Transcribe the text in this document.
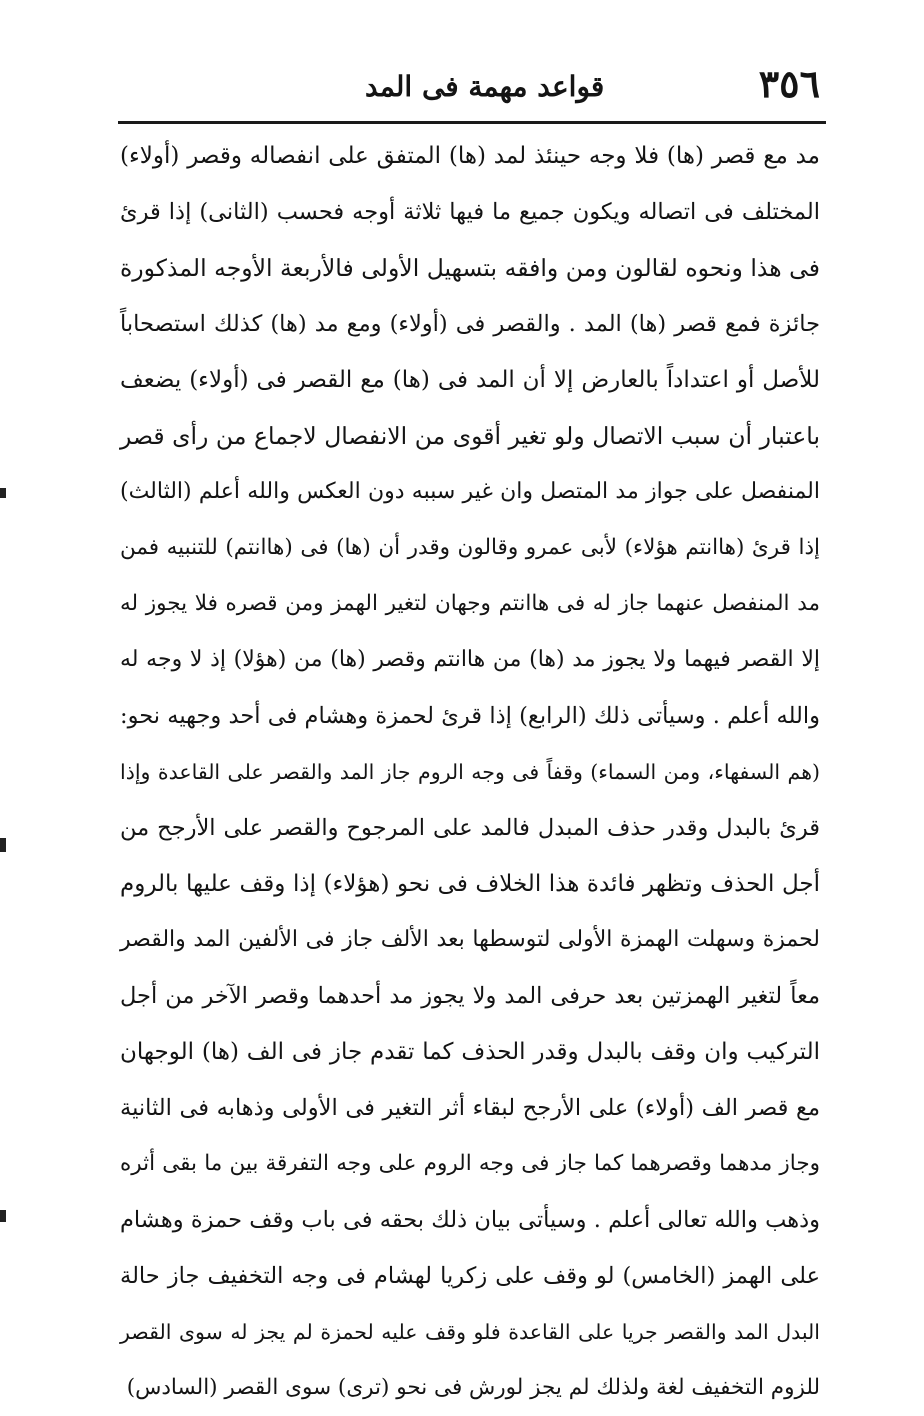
٣٥٦
قواعد مهمة فى المد
مد مع قصر (ها) فلا وجه حينئذ لمد (ها) المتفق على انفصاله وقصر (أولاء)
المختلف فى اتصاله ويكون جميع ما فيها ثلاثة أوجه فحسب (الثانى) إذا قرئ
فى هذا ونحوه لقالون ومن وافقه بتسهيل الأولى فالأربعة الأوجه المذكورة
جائزة فمع قصر (ها) المد . والقصر فى (أولاء) ومع مد (ها) كذلك استصحاباً
للأصل أو اعتداداً بالعارض إلا أن المد فى (ها) مع القصر فى (أولاء) يضعف
باعتبار أن سبب الاتصال ولو تغير أقوى من الانفصال لاجماع من رأى قصر
المنفصل على جواز مد المتصل وان غير سببه دون العكس والله أعلم (الثالث)
إذا قرئ (هاانتم هؤلاء) لأبى عمرو وقالون وقدر أن (ها) فى (هاانتم) للتنبيه فمن
مد المنفصل عنهما جاز له فى هاانتم وجهان لتغير الهمز ومن قصره فلا يجوز له
إلا القصر فيهما ولا يجوز مد (ها) من هاانتم وقصر (ها) من (هؤلا) إذ لا وجه له
والله أعلم . وسيأتى ذلك (الرابع) إذا قرئ لحمزة وهشام فى أحد وجهيه نحو:
(هم السفهاء، ومن السماء) وقفاً فى وجه الروم جاز المد والقصر على القاعدة وإذا
قرئ بالبدل وقدر حذف المبدل فالمد على المرجوح والقصر على الأرجح من
أجل الحذف وتظهر فائدة هذا الخلاف فى نحو (هؤلاء) إذا وقف عليها بالروم
لحمزة وسهلت الهمزة الأولى لتوسطها بعد الألف جاز فى الألفين المد والقصر
معاً لتغير الهمزتين بعد حرفى المد ولا يجوز مد أحدهما وقصر الآخر من أجل
التركيب وان وقف بالبدل وقدر الحذف كما تقدم جاز فى الف (ها) الوجهان
مع قصر الف (أولاء) على الأرجح لبقاء أثر التغير فى الأولى وذهابه فى الثانية
وجاز مدهما وقصرهما كما جاز فى وجه الروم على وجه التفرقة بين ما بقى أثره
وذهب والله تعالى أعلم . وسيأتى بيان ذلك بحقه فى باب وقف حمزة وهشام
على الهمز (الخامس) لو وقف على زكريا لهشام فى وجه التخفيف جاز حالة
البدل المد والقصر جريا على القاعدة فلو وقف عليه لحمزة لم يجز له سوى القصر
للزوم التخفيف لغة ولذلك لم يجز لورش فى نحو (ترى) سوى القصر (السادس)
